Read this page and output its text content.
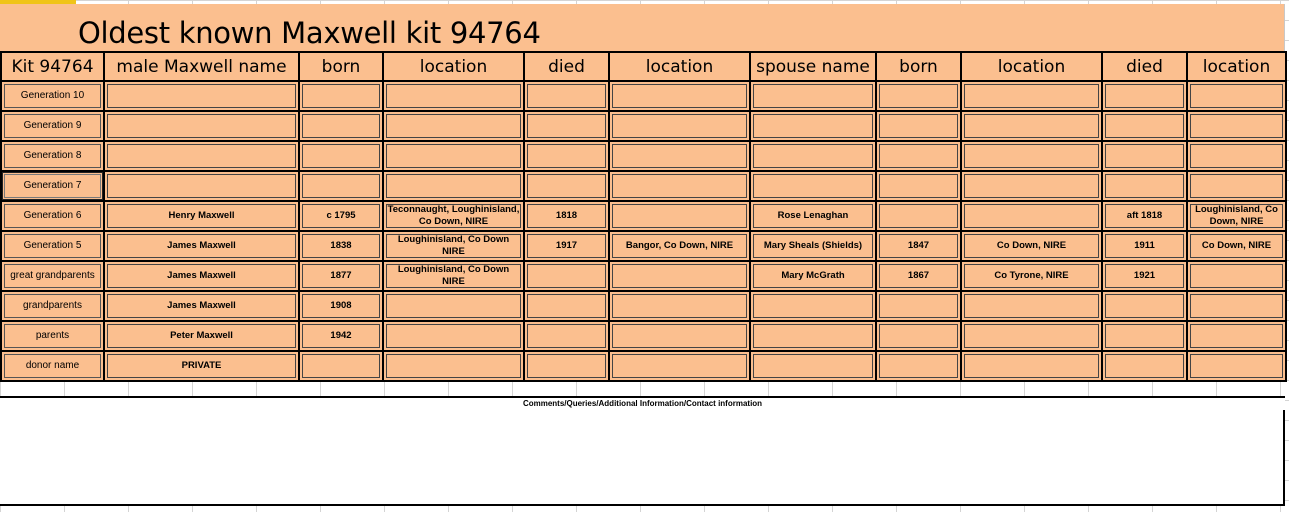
Oldest known Maxwell kit 94764
Kit 94764	male Maxwell name	born	location	died	location	spouse name	born	location	died	location

Generation 10										

Generation 9										

Generation 8										

Generation 7										

Generation 6	Henry Maxwell	c 1795	Teconnaught, Loughinisland, Co Down, NIRE	1818		Rose Lenaghan			aft 1818	Loughinisland, Co Down, NIRE

Generation 5	James Maxwell	1838	Loughinisland, Co Down NIRE	1917	Bangor, Co Down, NIRE	Mary Sheals (Shields)	1847	Co Down, NIRE	1911	Co Down, NIRE

great grandparents	James Maxwell	1877	Loughinisland, Co Down NIRE			Mary McGrath	1867	Co Tyrone, NIRE	1921	

grandparents	James Maxwell	1908								

parents	Peter Maxwell	1942								

donor name	PRIVATE									

Comments/Queries/Additional Information/Contact information
